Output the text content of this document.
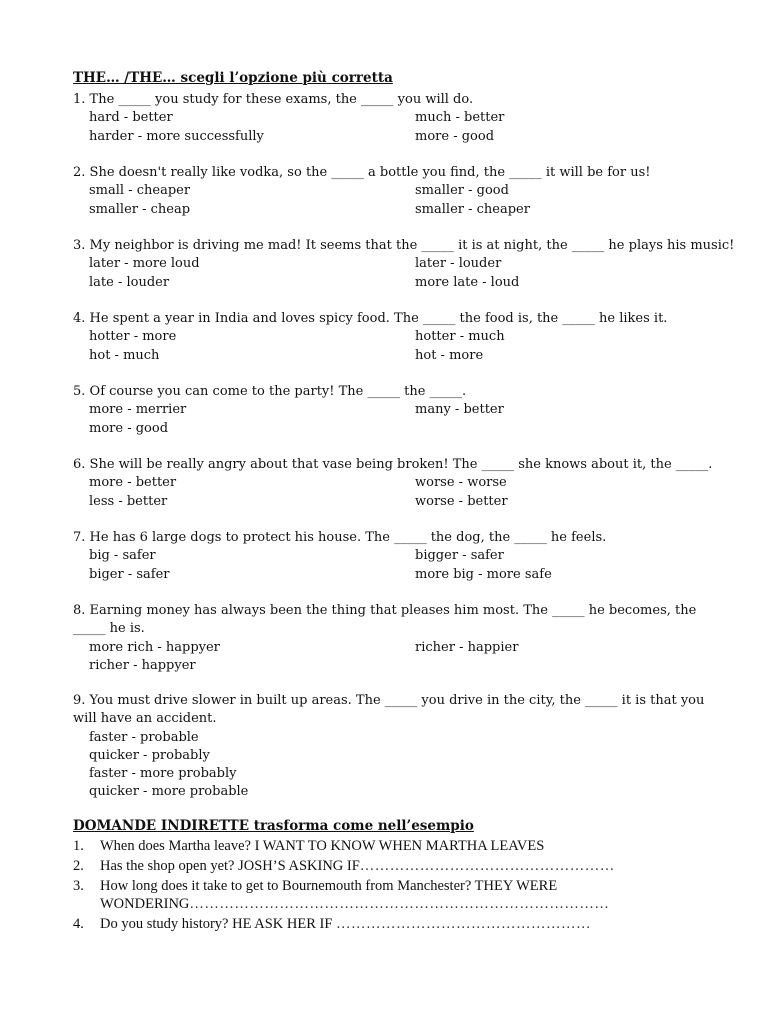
THE… /THE… scegli l’opzione più corretta
1. The _____ you study for these exams, the _____ you will do.
hard - better	much - better
harder - more successfully	more - good
2. She doesn't really like vodka, so the _____ a bottle you find, the _____ it will be for us!
small - cheaper	smaller - good
smaller - cheap	smaller - cheaper
3. My neighbor is driving me mad! It seems that the _____ it is at night, the _____ he plays his music!
later - more loud	later - louder
late - louder	more late - loud
4. He spent a year in India and loves spicy food. The _____ the food is, the _____ he likes it.
hotter - more	hotter - much
hot - much	hot - more
5. Of course you can come to the party! The _____ the _____.
more - merrier	many - better
more - good
6. She will be really angry about that vase being broken! The _____ she knows about it, the _____.
more - better	worse - worse
less - better	worse - better
7. He has 6 large dogs to protect his house. The _____ the dog, the _____ he feels.
big - safer	bigger - safer
biger - safer	more big - more safe
8. Earning money has always been the thing that pleases him most. The _____ he becomes, the _____ he is.
more rich - happyer	richer - happier
richer - happyer
9. You must drive slower in built up areas. The _____ you drive in the city, the _____ it is that you will have an accident.
faster - probable
quicker - probably
faster - more probably
quicker - more probable
DOMANDE INDIRETTE trasforma come nell’esempio
1. When does Martha leave? I WANT TO KNOW WHEN MARTHA LEAVES
2. Has the shop open yet? JOSH’S ASKING IF……………………………………………
3. How long does it take to get to Bournemouth from Manchester? THEY WERE
WONDERING…………………………………………………………………………
4. Do you study history? HE ASK HER IF ……………………………………………
